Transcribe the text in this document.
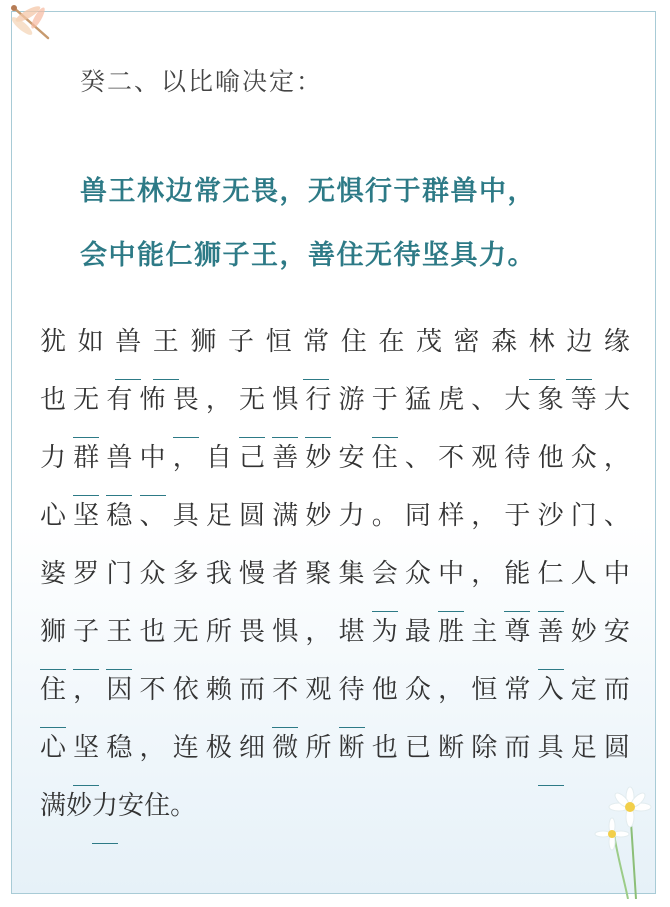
癸二、以比喻决定：
兽王林边常无畏，无惧行于群兽中，
会中能仁狮子王，善住无待坚具力。
犹 如 兽 王 狮 子 恒 常 住 在 茂 密 森 林 边 缘
也 无 有 怖 畏 ， 无 惧 行 游 于 猛 虎 、 大 象 等 大
力 群 兽 中 ， 自 己 善 妙 安 住 、 不 观 待 他 众 ，
心 坚 稳 、 具 足 圆 满 妙 力 。 同 样 ， 于 沙 门 、
婆 罗 门 众 多 我 慢 者 聚 集 会 众 中 ， 能 仁 人 中
狮 子 王 也 无 所 畏 惧 ， 堪 为 最 胜 主 尊 善 妙 安
住 ， 因 不 依 赖 而 不 观 待 他 众 ， 恒 常 入 定 而
心 坚 稳 ， 连 极 细 微 所 断 也 已 断 除 而 具 足 圆
满 妙 力 安 住 。
